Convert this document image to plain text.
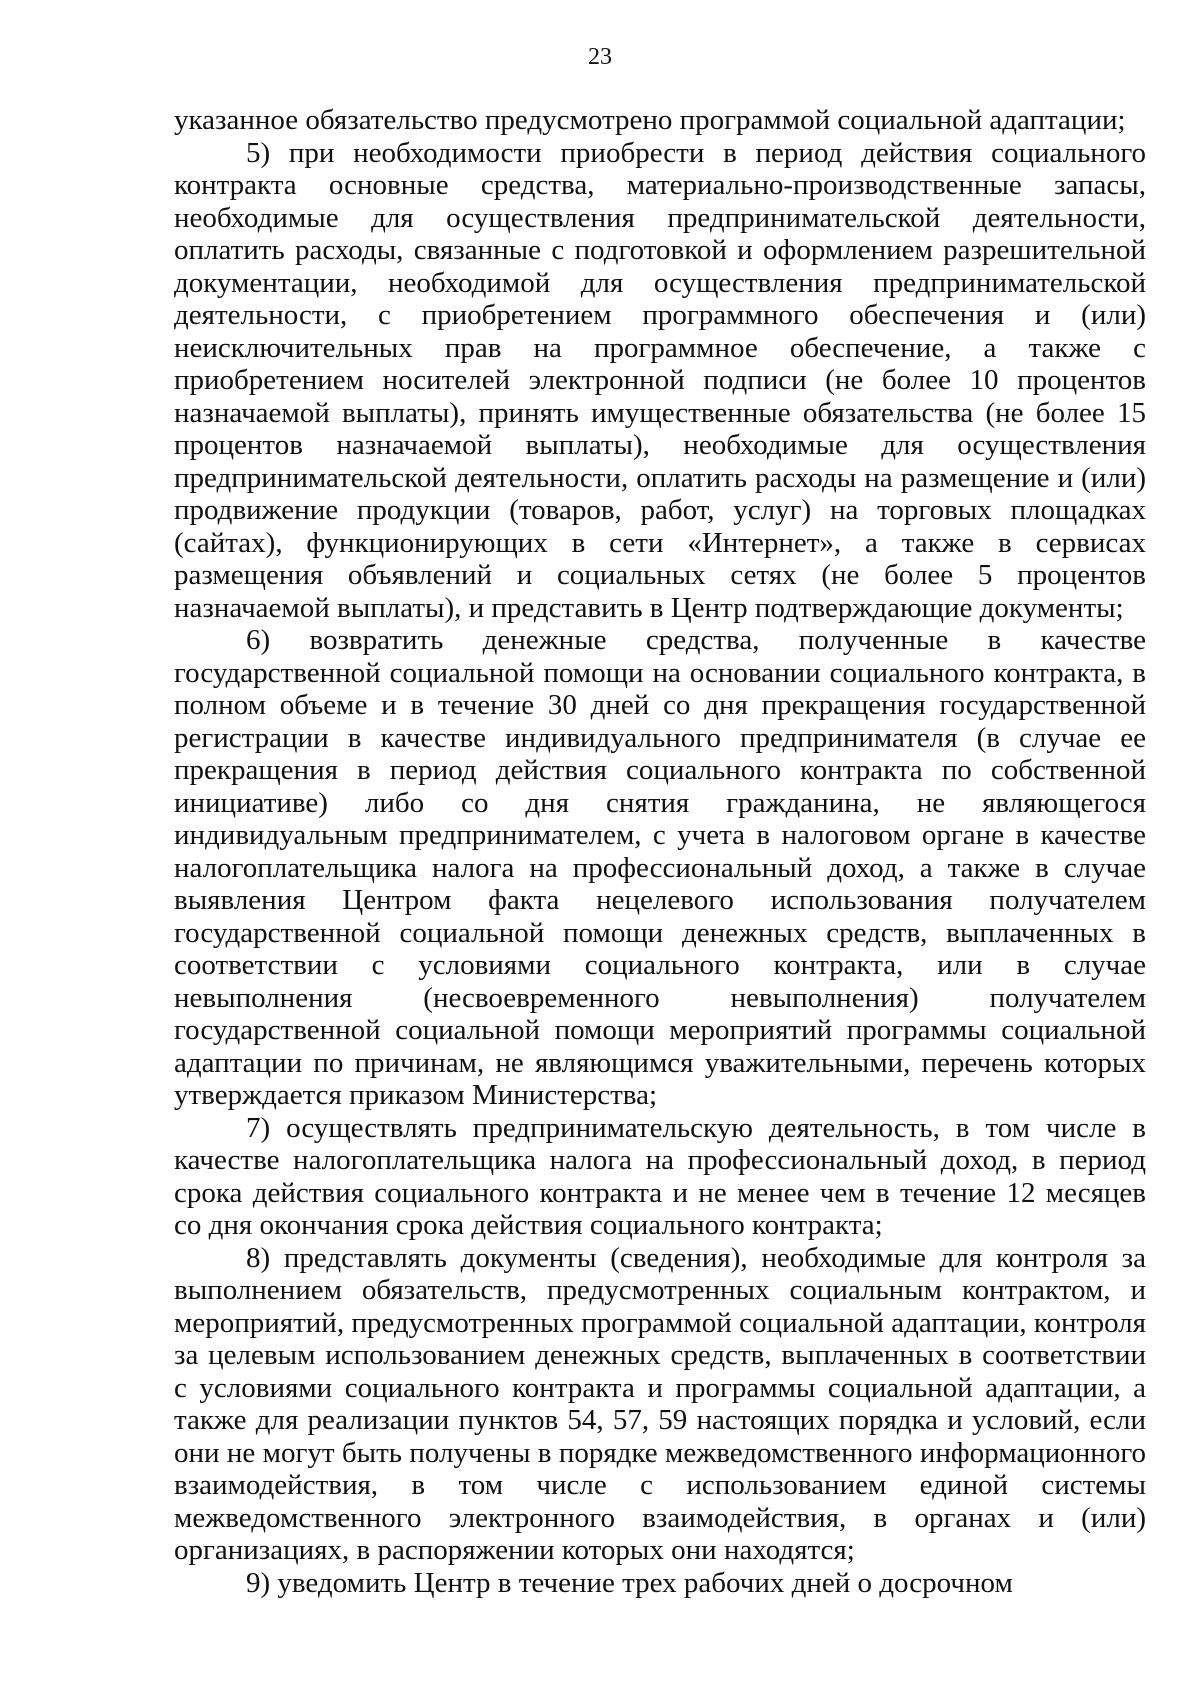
23

указанное обязательство предусмотрено программой социальной адаптации;

5) при необходимости приобрести в период действия социального контракта основные средства, материально-производственные запасы, необходимые для осуществления предпринимательской деятельности, оплатить расходы, связанные с подготовкой и оформлением разрешительной документации, необходимой для осуществления предпринимательской деятельности, с приобретением программного обеспечения и (или) неисключительных прав на программное обеспечение, а также с приобретением носителей электронной подписи (не более 10 процентов назначаемой выплаты), принять имущественные обязательства (не более 15 процентов назначаемой выплаты), необходимые для осуществления предпринимательской деятельности, оплатить расходы на размещение и (или) продвижение продукции (товаров, работ, услуг) на торговых площадках (сайтах), функционирующих в сети «Интернет», а также в сервисах размещения объявлений и социальных сетях (не более 5 процентов назначаемой выплаты), и представить в Центр подтверждающие документы;

6) возвратить денежные средства, полученные в качестве государственной социальной помощи на основании социального контракта, в полном объеме и в течение 30 дней со дня прекращения государственной регистрации в качестве индивидуального предпринимателя (в случае ее прекращения в период действия социального контракта по собственной инициативе) либо со дня снятия гражданина, не являющегося индивидуальным предпринимателем, с учета в налоговом органе в качестве налогоплательщика налога на профессиональный доход, а также в случае выявления Центром факта нецелевого использования получателем государственной социальной помощи денежных средств, выплаченных в соответствии с условиями социального контракта, или в случае невыполнения (несвоевременного невыполнения) получателем государственной социальной помощи мероприятий программы социальной адаптации по причинам, не являющимся уважительными, перечень которых утверждается приказом Министерства;

7) осуществлять предпринимательскую деятельность, в том числе в качестве налогоплательщика налога на профессиональный доход, в период срока действия социального контракта и не менее чем в течение 12 месяцев со дня окончания срока действия социального контракта;

8) представлять документы (сведения), необходимые для контроля за выполнением обязательств, предусмотренных социальным контрактом, и мероприятий, предусмотренных программой социальной адаптации, контроля за целевым использованием денежных средств, выплаченных в соответствии с условиями социального контракта и программы социальной адаптации, а также для реализации пунктов 54, 57, 59 настоящих порядка и условий, если они не могут быть получены в порядке межведомственного информационного взаимодействия, в том числе с использованием единой системы межведомственного электронного взаимодействия, в органах и (или) организациях, в распоряжении которых они находятся;

9) уведомить Центр в течение трех рабочих дней о досрочном
